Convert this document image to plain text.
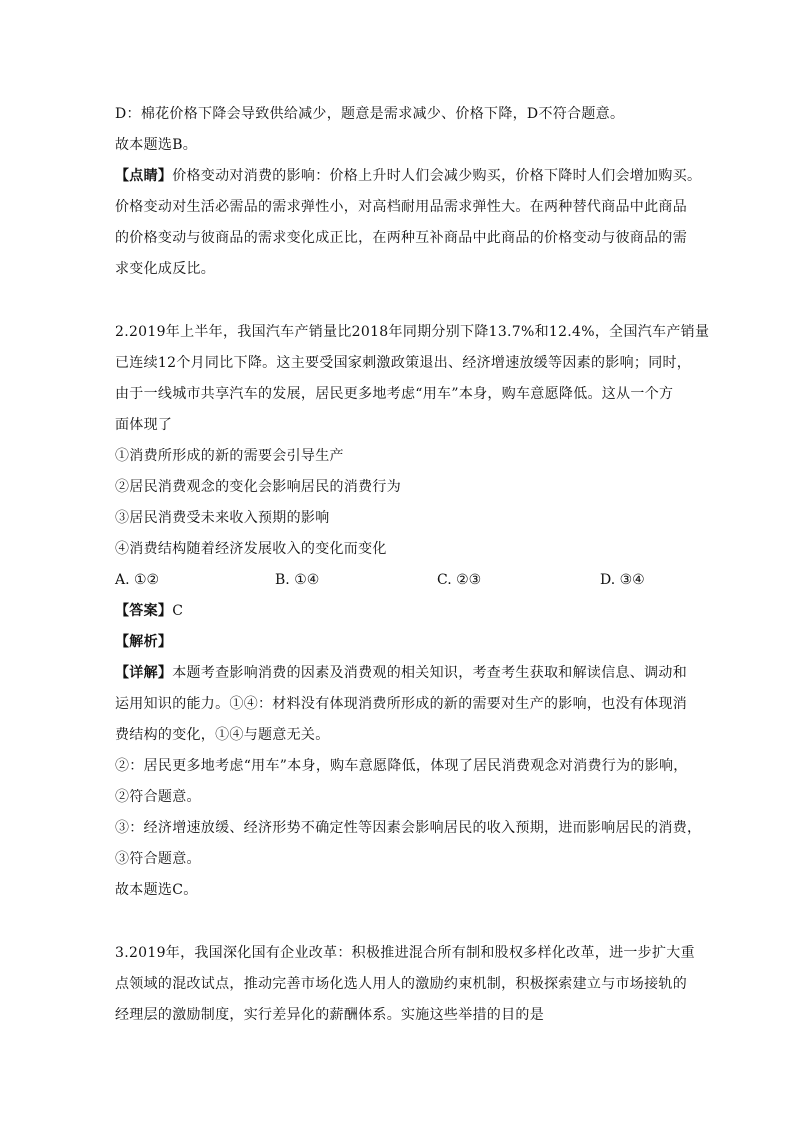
D：棉花价格下降会导致供给减少，题意是需求减少、价格下降，D不符合题意。
故本题选B。
【点睛】价格变动对消费的影响：价格上升时人们会减少购买，价格下降时人们会增加购买。
价格变动对生活必需品的需求弹性小，对高档耐用品需求弹性大。在两种替代商品中此商品
的价格变动与彼商品的需求变化成正比，在两种互补商品中此商品的价格变动与彼商品的需
求变化成反比。
2.2019年上半年，我国汽车产销量比2018年同期分别下降13.7%和12.4%，全国汽车产销量
已连续12个月同比下降。这主要受国家刺激政策退出、经济增速放缓等因素的影响；同时，
由于一线城市共享汽车的发展，居民更多地考虑“用车”本身，购车意愿降低。这从一个方
面体现了
①消费所形成的新的需要会引导生产
②居民消费观念的变化会影响居民的消费行为
③居民消费受未来收入预期的影响
④消费结构随着经济发展收入的变化而变化
A. ①②	B. ①④	C. ②③	D. ③④
【答案】C
【解析】
【详解】本题考查影响消费的因素及消费观的相关知识，考查考生获取和解读信息、调动和
运用知识的能力。①④：材料没有体现消费所形成的新的需要对生产的影响，也没有体现消
费结构的变化，①④与题意无关。
②：居民更多地考虑“用车”本身，购车意愿降低，体现了居民消费观念对消费行为的影响，
②符合题意。
③：经济增速放缓、经济形势不确定性等因素会影响居民的收入预期，进而影响居民的消费，
③符合题意。
故本题选C。
3.2019年，我国深化国有企业改革：积极推进混合所有制和股权多样化改革，进一步扩大重
点领域的混改试点，推动完善市场化选人用人的激励约束机制，积极探索建立与市场接轨的
经理层的激励制度，实行差异化的薪酬体系。实施这些举措的目的是
